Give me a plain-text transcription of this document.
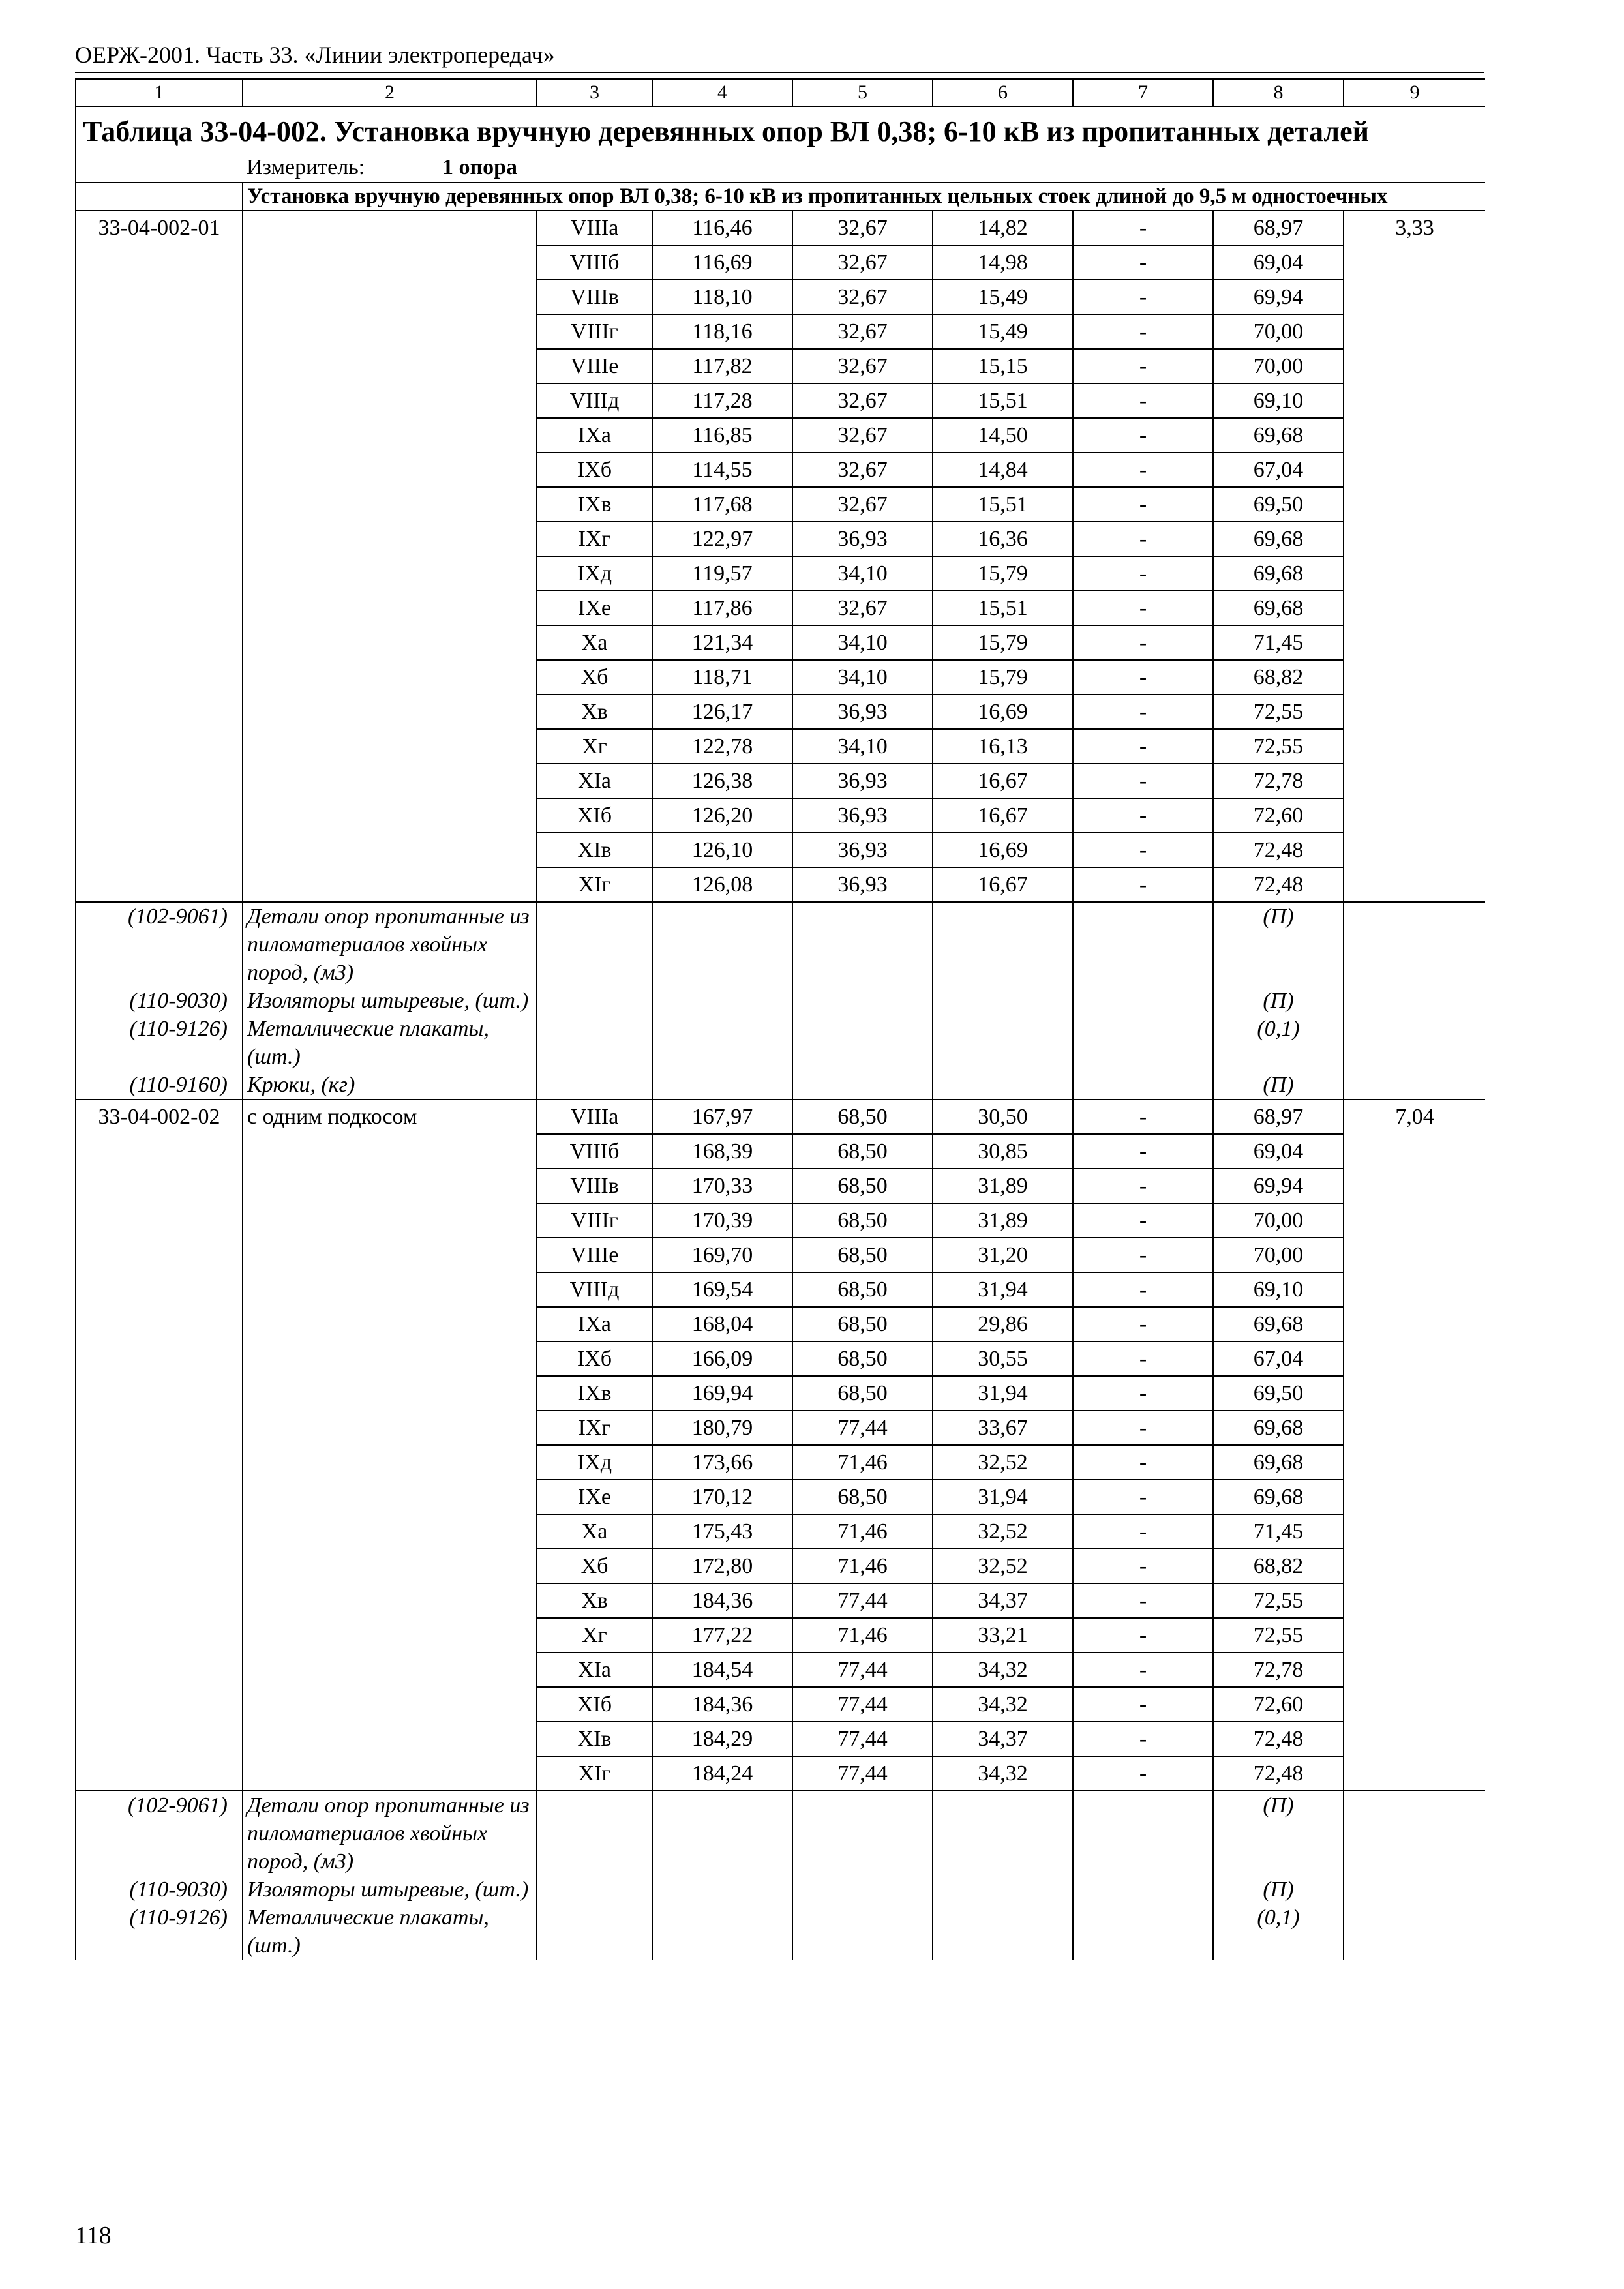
ОЕРЖ-2001. Часть 33. «Линии электропередач»
1	2	3	4	5	6	7	8	9
Таблица 33-04-002. Установка вручную деревянных опор ВЛ 0,38; 6-10 кВ из пропитанных деталей								
	Измеритель: 1 опора							
	Установка вручную деревянных опор ВЛ 0,38; 6-10 кВ из пропитанных цельных стоек длиной до 9,5 м одностоечных							
33-04-002-01		VIIIа	116,46	32,67	14,82	-	68,97	3,33
		VIIIб	116,69	32,67	14,98	-	69,04	
		VIIIв	118,10	32,67	15,49	-	69,94	
		VIIIг	118,16	32,67	15,49	-	70,00	
		VIIIе	117,82	32,67	15,15	-	70,00	
		VIIIд	117,28	32,67	15,51	-	69,10	
		IXа	116,85	32,67	14,50	-	69,68	
		IXб	114,55	32,67	14,84	-	67,04	
		IXв	117,68	32,67	15,51	-	69,50	
		IXг	122,97	36,93	16,36	-	69,68	
		IXд	119,57	34,10	15,79	-	69,68	
		IXе	117,86	32,67	15,51	-	69,68	
		Xа	121,34	34,10	15,79	-	71,45	
		Xб	118,71	34,10	15,79	-	68,82	
		Xв	126,17	36,93	16,69	-	72,55	
		Xг	122,78	34,10	16,13	-	72,55	
		XIа	126,38	36,93	16,67	-	72,78	
		XIб	126,20	36,93	16,67	-	72,60	
		XIв	126,10	36,93	16,69	-	72,48	
		XIг	126,08	36,93	16,67	-	72,48	
(102-9061)	Детали опор пропитанные из пиломатериалов хвойных пород, (м3)						(П)	
(110-9030)	Изоляторы штыревые, (шт.)						(П)	
(110-9126)	Металлические плакаты, (шт.)						(0,1)	
(110-9160)	Крюки, (кг)						(П)	
33-04-002-02	с одним подкосом	VIIIа	167,97	68,50	30,50	-	68,97	7,04
		VIIIб	168,39	68,50	30,85	-	69,04	
		VIIIв	170,33	68,50	31,89	-	69,94	
		VIIIг	170,39	68,50	31,89	-	70,00	
		VIIIе	169,70	68,50	31,20	-	70,00	
		VIIIд	169,54	68,50	31,94	-	69,10	
		IXа	168,04	68,50	29,86	-	69,68	
		IXб	166,09	68,50	30,55	-	67,04	
		IXв	169,94	68,50	31,94	-	69,50	
		IXг	180,79	77,44	33,67	-	69,68	
		IXд	173,66	71,46	32,52	-	69,68	
		IXе	170,12	68,50	31,94	-	69,68	
		Xа	175,43	71,46	32,52	-	71,45	
		Xб	172,80	71,46	32,52	-	68,82	
		Xв	184,36	77,44	34,37	-	72,55	
		Xг	177,22	71,46	33,21	-	72,55	
		XIа	184,54	77,44	34,32	-	72,78	
		XIб	184,36	77,44	34,32	-	72,60	
		XIв	184,29	77,44	34,37	-	72,48	
		XIг	184,24	77,44	34,32	-	72,48	
(102-9061)	Детали опор пропитанные из пиломатериалов хвойных пород, (м3)						(П)	
(110-9030)	Изоляторы штыревые, (шт.)						(П)	
(110-9126)	Металлические плакаты, (шт.)						(0,1)	
118
